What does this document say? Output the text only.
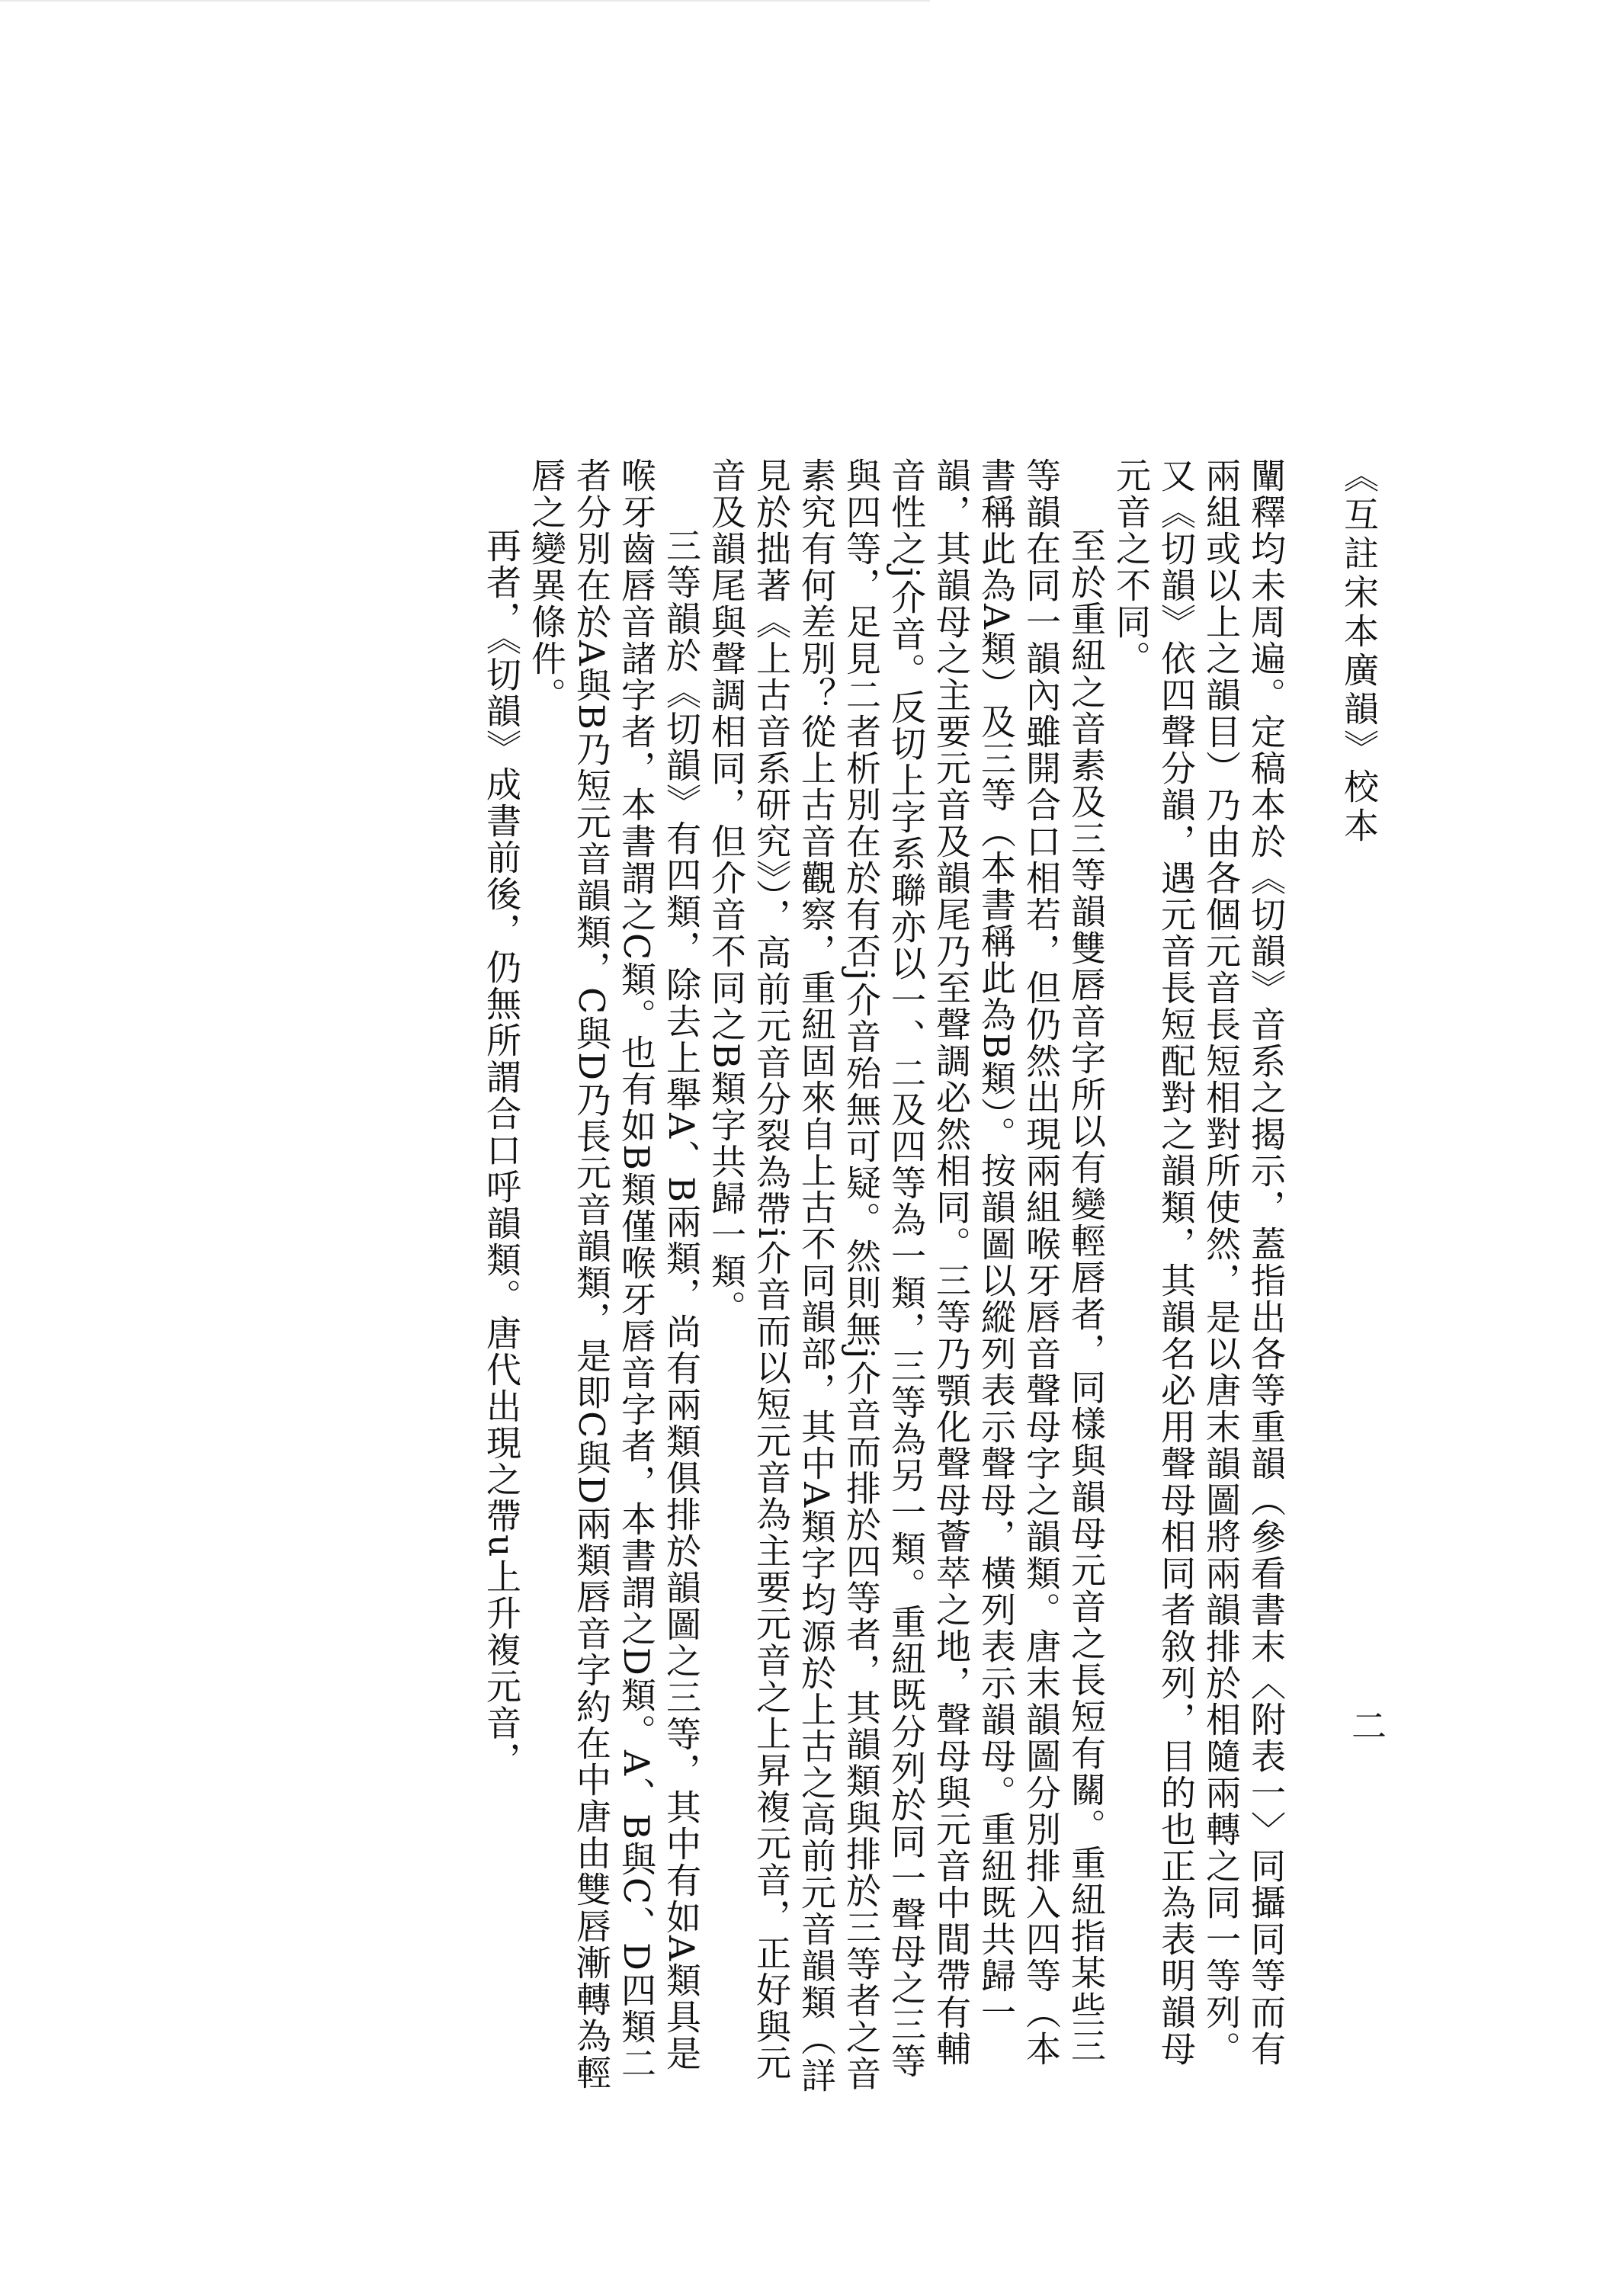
《互註宋本廣韻》校本
二

闡釋均未周遍。定稿本於《切韻》音系之揭示，蓋指出各等重韻（參看書末〈附表一〉同攝同等而有兩組或以上之韻目）乃由各個元音長短相對所使然，是以唐末韻圖將兩韻排於相隨兩轉之同一等列。又《切韻》依四聲分韻，遇元音長短配對之韻類，其韻名必用聲母相同者敘列，目的也正為表明韻母元音之不同。

至於重紐之音素及三等韻雙唇音字所以有變輕唇者，同樣與韻母元音之長短有關。重紐指某些三等韻在同一韻內雖開合口相若，但仍然出現兩組喉牙唇音聲母字之韻類。唐末韻圖分別排入四等（本書稱此為A類）及三等（本書稱此為B類）。按韻圖以縱列表示聲母，橫列表示韻母。重紐既共歸一韻，其韻母之主要元音及韻尾乃至聲調必然相同。三等乃顎化聲母薈萃之地，聲母與元音中間帶有輔音性之j介音。反切上字系聯亦以一、二及四等為一類，三等為另一類。重紐既分列於同一聲母之三等與四等，足見二者析別在於有否j介音殆無可疑。然則無j介音而排於四等者，其韻類與排於三等者之音素究有何差別？從上古音觀察，重紐固來自上古不同韻部，其中A類字均源於上古之高前元音韻類（詳見於拙著《上古音系研究》），高前元音分裂為帶i介音而以短元音為主要元音之上昇複元音，正好與元音及韻尾與聲調相同，但介音不同之B類字共歸一類。

三等韻於《切韻》有四類，除去上舉A、B兩類，尚有兩類俱排於韻圖之三等，其中有如A類具是喉牙齒唇音諸字者，本書謂之C類。也有如B類僅喉牙唇音字者，本書謂之D類。A、B與C、D四類二者分別在於A與B乃短元音韻類，C與D乃長元音韻類，是即C與D兩類唇音字約在中唐由雙唇漸轉為輕唇之變異條件。

再者，《切韻》成書前後，仍無所謂合口呼韻類。唐代出現之帶u上升複元音，
